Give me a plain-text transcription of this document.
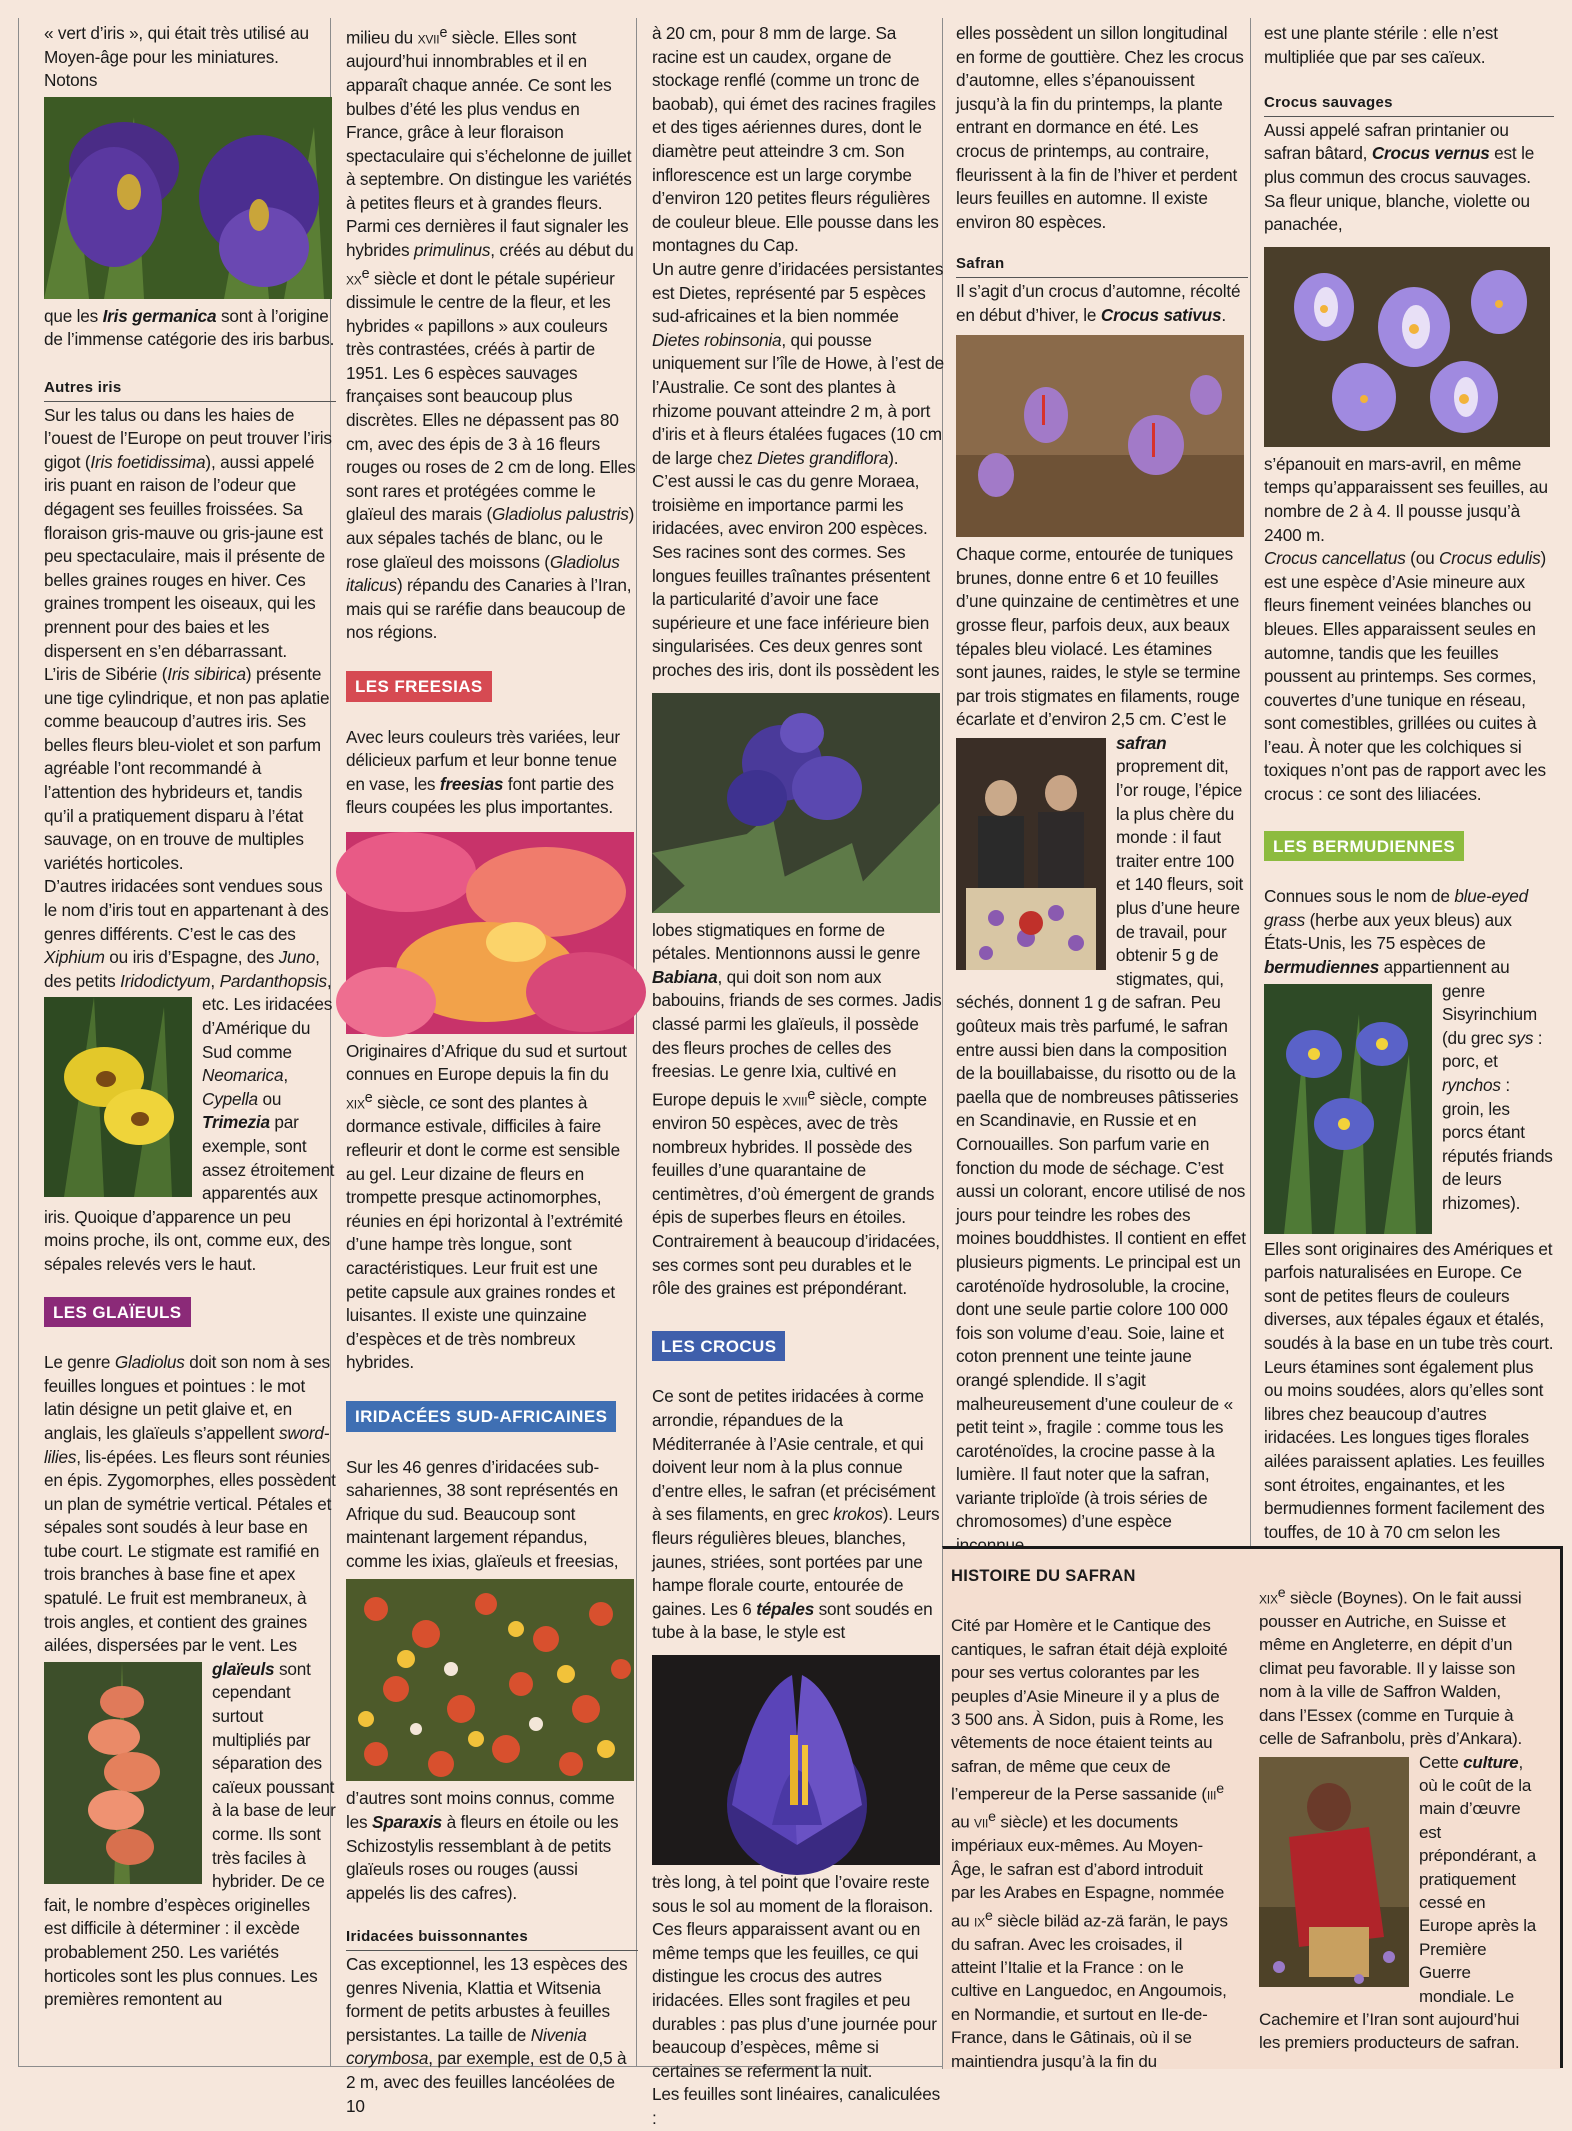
« vert d’iris », qui était très utilisé au Moyen-âge pour les miniatures. Notons

que les Iris germanica sont à l’origine de l’immense catégorie des iris barbus.

Autres iris

Sur les talus ou dans les haies de l’ouest de l’Europe on peut trouver l’iris gigot (Iris foetidissima), aussi appelé iris puant en raison de l’odeur que dégagent ses feuilles froissées. Sa floraison gris-mauve ou gris-jaune est peu spectaculaire, mais il présente de belles graines rouges en hiver. Ces graines trompent les oiseaux, qui les prennent pour des baies et les dispersent en s’en débarrassant.

L’iris de Sibérie (Iris sibirica) présente une tige cylindrique, et non pas aplatie comme beaucoup d’autres iris. Ses belles fleurs bleu-violet et son parfum agréable l’ont recommandé à l’attention des hybrideurs et, tandis qu’il a pratiquement disparu à l’état sauvage, on en trouve de multiples variétés horticoles.

D’autres iridacées sont vendues sous le nom d’iris tout en appartenant à des genres différents. C’est le cas des Xiphium ou iris d’Espagne, des Juno, des petits Iridodictyum, Pardanthopsis
, etc. Les iridacées d’Amérique du Sud comme Neomarica, Cypella ou Trimezia par exemple, sont assez étroitement apparentés aux iris. Quoique d’apparence un peu moins proche, ils ont, comme eux, des sépales relevés vers le haut.

LES GLAÏEULS

Le genre Gladiolus doit son nom à ses feuilles longues et pointues : le mot latin désigne un petit glaive et, en anglais, les glaïeuls s’appellent sword-lilies, lis-épées. Les fleurs sont réunies en épis. Zygomorphes, elles possèdent un plan de symétrie vertical. Pétales et sépales sont soudés à leur base en tube court. Le stigmate est ramifié en trois branches à base fine et apex spatulé. Le fruit est membraneux, à trois angles, et contient des graines ailées, dispersées par le vent. Les glaïeuls
sont cependant surtout multipliés par séparation des caïeux poussant à la base de leur corme. Ils sont très faciles à hybrider. De ce fait, le nombre d’espèces originelles est difficile à déterminer : il excède probablement 250. Les variétés horticoles sont les plus connues. Les premières remontent au

milieu du xvii$^e$ siècle. Elles sont aujourd’hui innombrables et il en apparaît chaque année. Ce sont les bulbes d’été les plus vendus en France, grâce à leur floraison spectaculaire qui s’échelonne de juillet à septembre. On distingue les variétés à petites fleurs et à grandes fleurs. Parmi ces dernières il faut signaler les hybrides primulinus, créés au début du $xx^e$ siècle et dont le pétale supérieur dissimule le centre de la fleur, et les hybrides « papillons » aux couleurs très contrastées, créés à partir de 1951. Les 6 espèces sauvages françaises sont beaucoup plus discrètes. Elles ne dépassent pas 80 cm, avec des épis de 3 à 16 fleurs rouges ou roses de 2 cm de long. Elles sont rares et protégées comme le glaïeul des marais (Gladiolus palustris) aux sépales tachés de blanc, ou le rose glaïeul des moissons (Gladiolus italicus) répandu des Canaries à l’Iran, mais qui se raréfie dans beaucoup de nos régions.

LES FREESIAS

Avec leurs couleurs très variées, leur délicieux parfum et leur bonne tenue en vase, les freesias font partie des fleurs coupées les plus importantes.

Originaires d’Afrique du sud et surtout connues en Europe depuis la fin du xix$^e$ siècle, ce sont des plantes à dormance estivale, difficiles à faire refleurir et dont le corme est sensible au gel. Leur dizaine de fleurs en trompette presque actinomorphes, réunies en épi horizontal à l’extrémité d’une hampe très longue, sont caractéristiques. Leur fruit est une petite capsule aux graines rondes et luisantes. Il existe une quinzaine d’espèces et de très nombreux hybrides.

IRIDACÉES SUD-AFRICAINES

Sur les 46 genres d’iridacées sub-sahariennes, 38 sont représentés en Afrique du sud. Beaucoup sont maintenant largement répandus, comme les ixias, glaïeuls et freesias,

d’autres sont moins connus, comme les Sparaxis à fleurs en étoile ou les Schizostylis ressemblant à de petits glaïeuls roses ou rouges (aussi appelés lis des cafres).

Iridacées buissonnantes

Cas exceptionnel, les 13 espèces des genres Nivenia, Klattia et Witsenia forment de petits arbustes à feuilles persistantes. La taille de Nivenia corymbosa, par exemple, est de 0,5 à 2 m, avec des feuilles lancéolées de 10

à 20 cm, pour 8 mm de large. Sa racine est un caudex, organe de stockage renflé (comme un tronc de baobab), qui émet des racines fragiles et des tiges aériennes dures, dont le diamètre peut atteindre 3 cm. Son inflorescence est un large corymbe d’environ 120 petites fleurs régulières de couleur bleue. Elle pousse dans les montagnes du Cap.

Un autre genre d’iridacées persistantes est Dietes, représenté par 5 espèces sud-africaines et la bien nommée Dietes robinsonia, qui pousse uniquement sur l’île de Howe, à l’est de l’Australie. Ce sont des plantes à rhizome pouvant atteindre 2 m, à port d’iris et à fleurs étalées fugaces (10 cm de large chez Dietes grandiflora).

C’est aussi le cas du genre Moraea, troisième en importance parmi les iridacées, avec environ 200 espèces. Ses racines sont des cormes. Ses longues feuilles traînantes présentent la particularité d’avoir une face supérieure et une face inférieure bien singularisées. Ces deux genres sont proches des iris, dont ils possèdent les

lobes stigmatiques en forme de pétales. Mentionnons aussi le genre Babiana, qui doit son nom aux babouins, friands de ses cormes. Jadis classé parmi les glaïeuls, il possède des fleurs proches de celles des freesias. Le genre Ixia, cultivé en Europe depuis le xviii$^e$ siècle, compte environ 50 espèces, avec de très nombreux hybrides. Il possède des feuilles d’une quarantaine de centimètres, d’où émergent de grands épis de superbes fleurs en étoiles. Contrairement à beaucoup d’iridacées, ses cormes sont peu durables et le rôle des graines est prépondérant.

LES CROCUS

Ce sont de petites iridacées à corme arrondie, répandues de la Méditerranée à l’Asie centrale, et qui doivent leur nom à la plus connue d’entre elles, le safran (et précisément à ses filaments, en grec krokos). Leurs fleurs régulières bleues, blanches, jaunes, striées, sont portées par une hampe florale courte, entourée de gaines. Les 6 tépales sont soudés en tube à la base, le style est

très long, à tel point que l’ovaire reste sous le sol au moment de la floraison. Ces fleurs apparaissent avant ou en même temps que les feuilles, ce qui distingue les crocus des autres iridacées. Elles sont fragiles et peu durables : pas plus d’une journée pour beaucoup d’espèces, même si certaines se referment la nuit.

Les feuilles sont linéaires, canaliculées :

elles possèdent un sillon longitudinal en forme de gouttière. Chez les crocus d’automne, elles s’épanouissent jusqu’à la fin du printemps, la plante entrant en dormance en été. Les crocus de printemps, au contraire, fleurissent à la fin de l’hiver et perdent leurs feuilles en automne. Il existe environ 80 espèces.

Safran

Il s’agit d’un crocus d’automne, récolté en début d’hiver, le Crocus sativus.

Chaque corme, entourée de tuniques brunes, donne entre 6 et 10 feuilles d’une quinzaine de centimètres et une grosse fleur, parfois deux, aux beaux tépales bleu violacé. Les étamines sont jaunes, raides, le style se termine par trois stigmates en filaments, rouge écarlate et d’environ 2,5 cm. C’est le safran
proprement dit, l’or rouge, l’épice la plus chère du monde : il faut traiter entre 100 et 140 fleurs, soit plus d’une heure de travail, pour obtenir 5 g de stigmates, qui, séchés, donnent 1 g de safran. Peu goûteux mais très parfumé, le safran entre aussi bien dans la composition de la bouillabaisse, du risotto ou de la paella que de nombreuses pâtisseries en Scandinavie, en Russie et en Cornouailles. Son parfum varie en fonction du mode de séchage. C’est aussi un colorant, encore utilisé de nos jours pour teindre les robes des moines bouddhistes. Il contient en effet plusieurs pigments. Le principal est un caroténoïde hydrosoluble, la crocine, dont une seule partie colore 100 000 fois son volume d’eau. Soie, laine et coton prennent une teinte jaune orangé splendide. Il s’agit malheureusement d’une couleur de « petit teint », fragile : comme tous les caroténoïdes, la crocine passe à la lumière. Il faut noter que la safran, variante triploïde (à trois séries de chromosomes) d’une espèce

est une plante stérile : elle n’est multipliée que par ses caïeux.

Crocus sauvages

Aussi appelé safran printanier ou safran bâtard, Crocus vernus est le plus commun des crocus sauvages. Sa fleur unique, blanche, violette ou panachée,

s’épanouit en mars-avril, en même temps qu’apparaissent ses feuilles, au nombre de 2 à 4. Il pousse jusqu’à 2400 m.

Crocus cancellatus (ou Crocus edulis) est une espèce d’Asie mineure aux fleurs finement veinées blanches ou bleues. Elles apparaissent seules en automne, tandis que les feuilles poussent au printemps. Ses cormes, couvertes d’une tunique en réseau, sont comestibles, grillées ou cuites à l’eau. À noter que les colchiques si toxiques n’ont pas de rapport avec les crocus : ce sont des liliacées.

LES BERMUDIENNES

Connues sous le nom de blue-eyed grass (herbe aux yeux bleus) aux États-Unis, les 75 espèces de bermudiennes
appartiennent au genre Sisyrinchium (du grec sys : porc, et rynchos : groin, les porcs étant réputés friands de leurs rhizomes).

Elles sont originaires des Amériques et parfois naturalisées en Europe. Ce sont de petites fleurs de couleurs diverses, aux tépales égaux et étalés, soudés à la base en un tube très court. Leurs étamines sont également plus ou moins soudées, alors qu’elles sont libres chez beaucoup d’autres iridacées. Les longues tiges florales ailées paraissent aplaties. Les feuilles sont étroites, engainantes, et les bermudiennes forment facilement des touffes, de 10 à 70 cm selon les

HISTOIRE DU SAFRAN

Cité par Homère et le Cantique des cantiques, le safran était déjà exploité pour ses vertus colorantes par les peuples d’Asie Mineure il y a plus de 3 500 ans. À Sidon, puis à Rome, les vêtements de noce étaient teints au safran, de même que ceux de l’empereur de la Perse sassanide (iii$^e$ au vii$^e$ siècle) et les documents impériaux eux-mêmes. Au Moyen-Âge, le safran est d’abord introduit par les Arabes en Espagne, nommée au $ix^e$ siècle biläd az-zä farän, le pays du safran. Avec les croisades, il atteint l’Italie et la France : on le cultive en Languedoc, en Angoumois, en Normandie, et surtout en Ile-de-France, dans le Gâtinais, où il se maintiendra jusqu’à la fin du

xix$^e$ siècle (Boynes). On le fait aussi pousser en Autriche, en Suisse et même en Angleterre, en dépit d’un climat peu favorable. Il y laisse son nom à la ville de Saffron Walden, dans l’Essex (comme en Turquie à celle de Safranbolu, près d’Ankara). Cette
culture, où le coût de la main d’œuvre est prépondérant, a pratiquement cessé en Europe après la Première Guerre mondiale. Le Cachemire et l’Iran sont aujourd’hui les premiers producteurs de safran.
